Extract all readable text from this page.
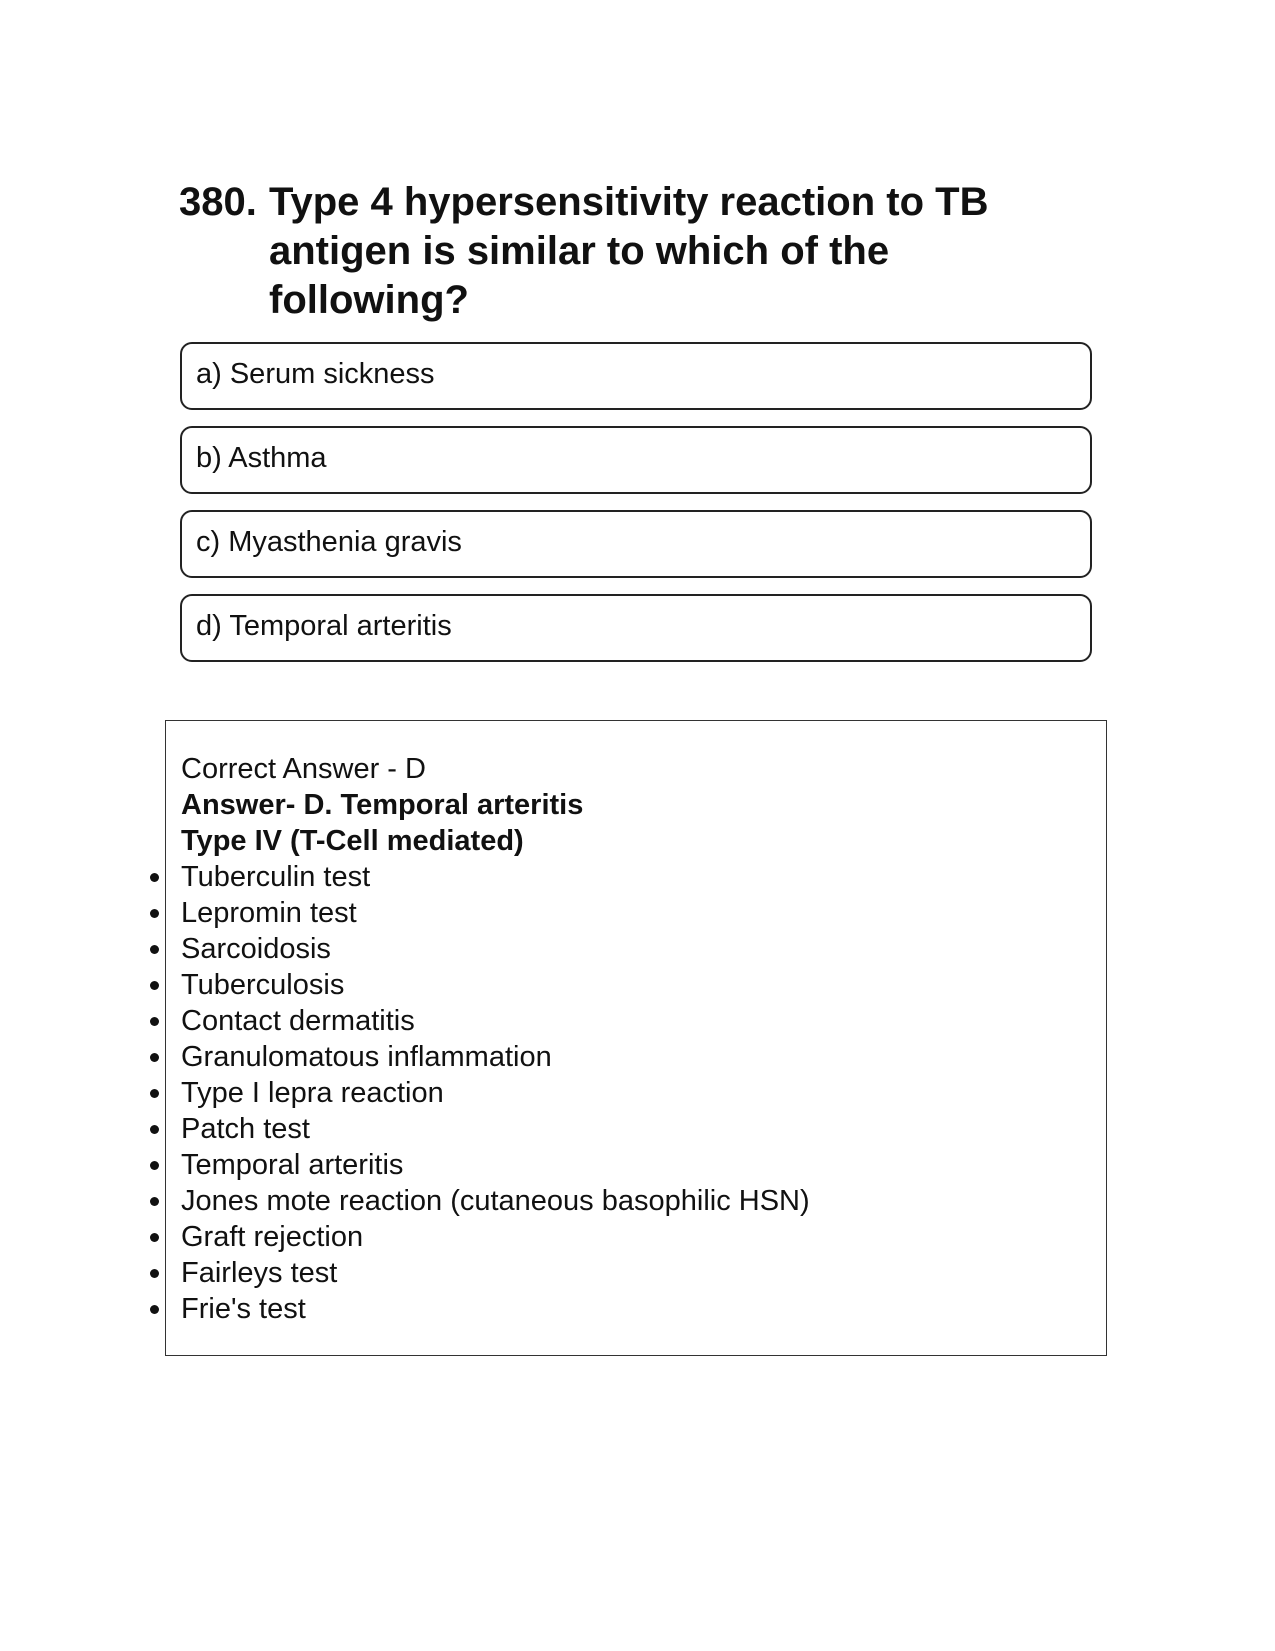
380. Type 4 hypersensitivity reaction to TB antigen is similar to which of the following?
a) Serum sickness
b) Asthma
c) Myasthenia gravis
d) Temporal arteritis
Correct Answer - D
Answer- D. Temporal arteritis
Type IV (T-Cell mediated)
Tuberculin test
Lepromin test
Sarcoidosis
Tuberculosis
Contact dermatitis
Granulomatous inflammation
Type I lepra reaction
Patch test
Temporal arteritis
Jones mote reaction (cutaneous basophilic HSN)
Graft rejection
Fairleys test
Frie's test
